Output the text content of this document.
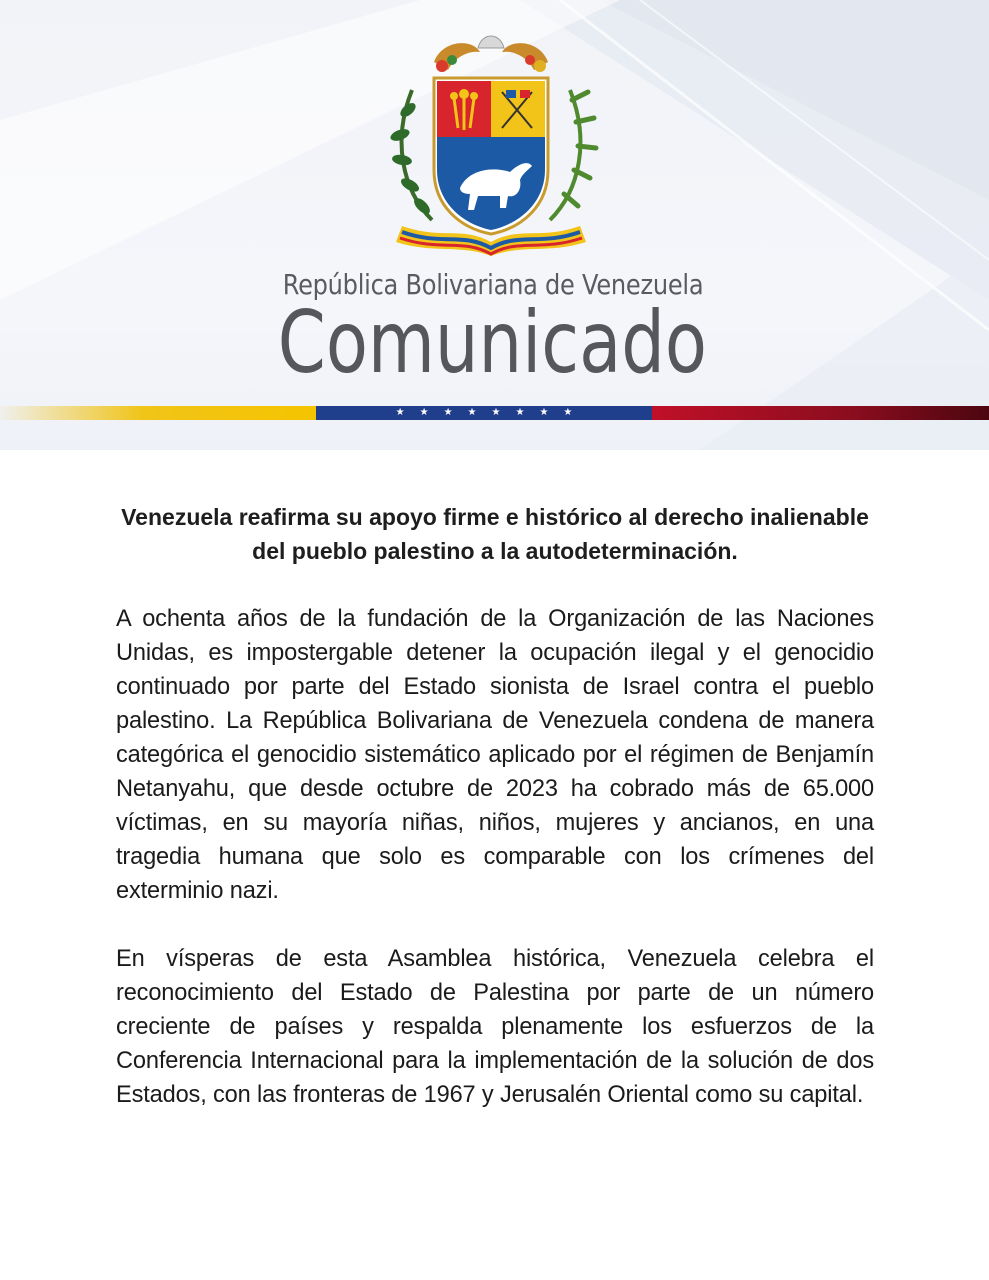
República Bolivariana de Venezuela
Comunicado
★ ★ ★ ★ ★ ★ ★ ★

Venezuela reafirma su apoyo firme e histórico al derecho inalienable del pueblo palestino a la autodeterminación.

A ochenta años de la fundación de la Organización de las Naciones Unidas, es impostergable detener la ocupación ilegal y el genocidio continuado por parte del Estado sionista de Israel contra el pueblo palestino. La República Bolivariana de Venezuela condena de manera categórica el genocidio sistemático aplicado por el régimen de Benjamín Netanyahu, que desde octubre de 2023 ha cobrado más de 65.000 víctimas, en su mayoría niñas, niños, mujeres y ancianos, en una tragedia humana que solo es comparable con los crímenes del exterminio nazi.

En vísperas de esta Asamblea histórica, Venezuela celebra el reconocimiento del Estado de Palestina por parte de un número creciente de países y respalda plenamente los esfuerzos de la Conferencia Internacional para la implementación de la solución de dos Estados, con las fronteras de 1967 y Jerusalén Oriental como su capital.
